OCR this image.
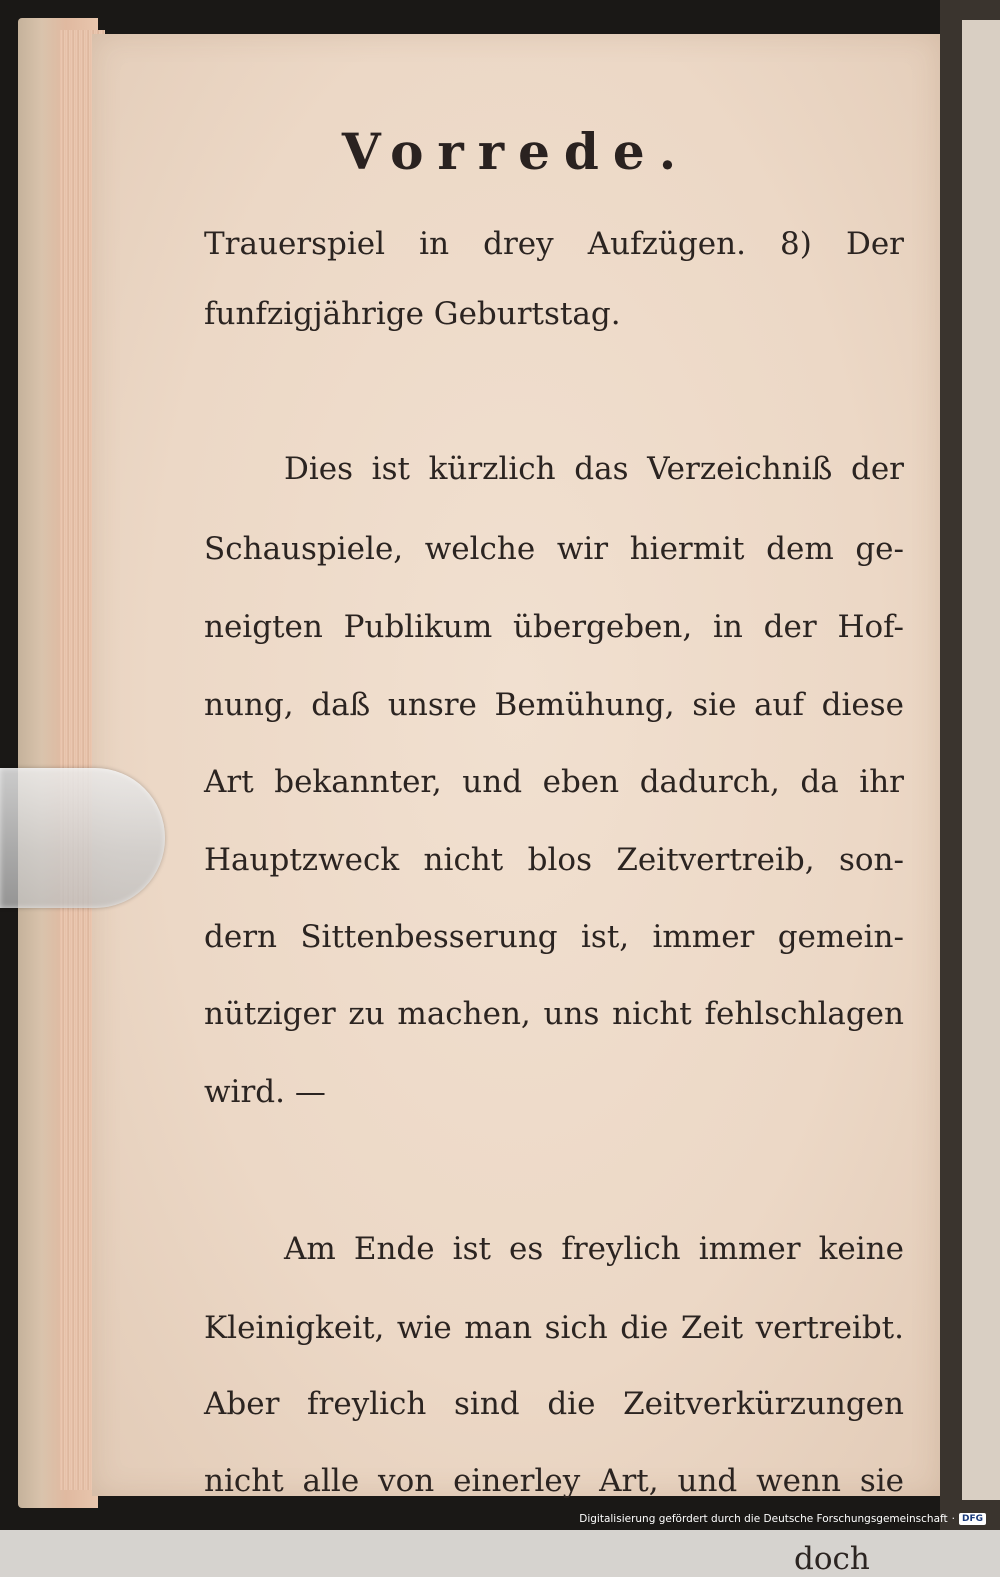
Vorrede.
Trauerspiel in drey Aufzügen. 8) Der
funfzigjährige Geburtstag.
Dies ist kürzlich das Verzeichniß der
Schauspiele, welche wir hiermit dem ge-
neigten Publikum übergeben, in der Hof-
nung, daß unsre Bemühung, sie auf diese
Art bekannter, und eben dadurch, da ihr
Hauptzweck nicht blos Zeitvertreib, son-
dern Sittenbesserung ist, immer gemein-
nütziger zu machen, uns nicht fehlschlagen
wird. —
Am Ende ist es freylich immer keine
Kleinigkeit, wie man sich die Zeit vertreibt.
Aber freylich sind die Zeitverkürzungen
nicht alle von einerley Art, und wenn sie
doch
Digitalisierung gefördert durch die Deutsche Forschungsgemeinschaft · DFG
